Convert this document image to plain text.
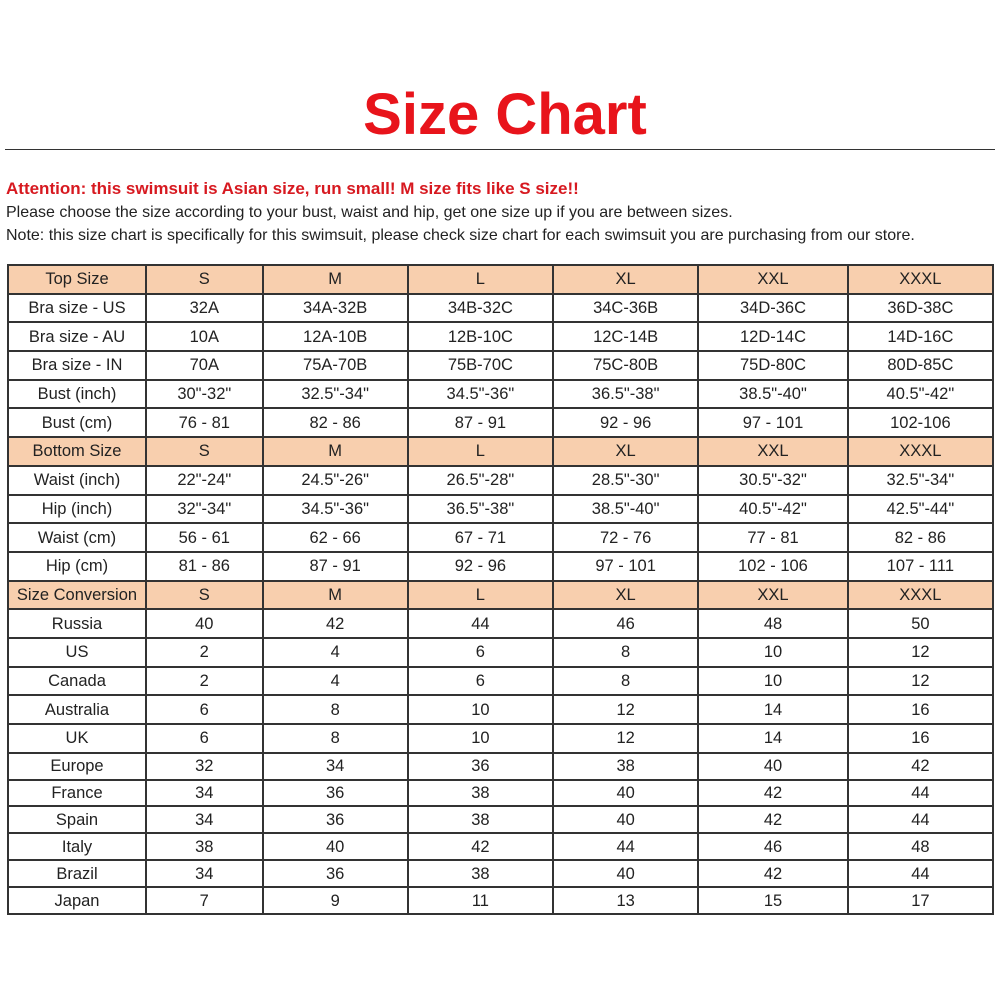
Size Chart
Attention: this swimsuit is Asian size, run small! M size fits like S size!!
Please choose the size according to your bust, waist and hip, get one size up if you are between sizes.
Note: this size chart is specifically for this swimsuit, please check size chart for each swimsuit you are purchasing from our store.
Top Size	S	M	L	XL	XXL	XXXL
Bra size - US	32A	34A-32B	34B-32C	34C-36B	34D-36C	36D-38C
Bra size - AU	10A	12A-10B	12B-10C	12C-14B	12D-14C	14D-16C
Bra size - IN	70A	75A-70B	75B-70C	75C-80B	75D-80C	80D-85C
Bust (inch)	30"-32"	32.5"-34"	34.5"-36"	36.5"-38"	38.5"-40"	40.5"-42"
Bust (cm)	76 - 81	82 - 86	87 - 91	92 - 96	97 - 101	102-106
Bottom Size	S	M	L	XL	XXL	XXXL
Waist (inch)	22"-24"	24.5"-26"	26.5"-28"	28.5"-30"	30.5"-32"	32.5"-34"
Hip (inch)	32"-34"	34.5"-36"	36.5"-38"	38.5"-40"	40.5"-42"	42.5"-44"
Waist (cm)	56 - 61	62 - 66	67 - 71	72 - 76	77 - 81	82 - 86
Hip (cm)	81 - 86	87 - 91	92 - 96	97 - 101	102 - 106	107 - 111
Size Conversion	S	M	L	XL	XXL	XXXL
Russia	40	42	44	46	48	50
US	2	4	6	8	10	12
Canada	2	4	6	8	10	12
Australia	6	8	10	12	14	16
UK	6	8	10	12	14	16
Europe	32	34	36	38	40	42
France	34	36	38	40	42	44
Spain	34	36	38	40	42	44
Italy	38	40	42	44	46	48
Brazil	34	36	38	40	42	44
Japan	7	9	11	13	15	17
